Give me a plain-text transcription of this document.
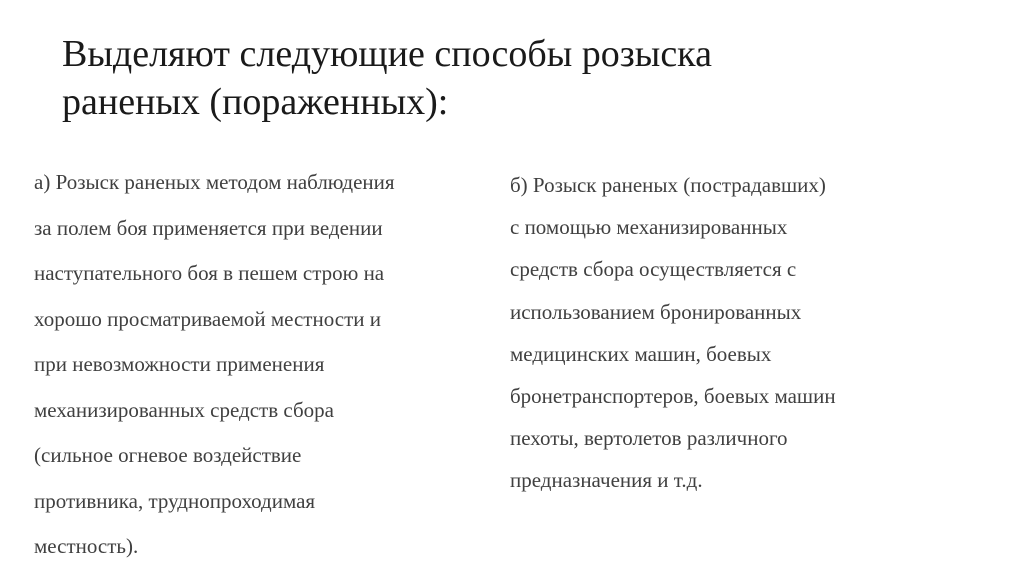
Выделяют следующие способы розыска
раненых (пораженных):
а) Розыск раненых методом наблюдения
за полем боя применяется при ведении
наступательного боя в пешем строю на
хорошо просматриваемой местности и
при невозможности применения
механизированных средств сбора
(сильное огневое воздействие
противника, труднопроходимая
местность).
б) Розыск раненых (пострадавших)
с помощью механизированных
средств сбора осуществляется с
использованием бронированных
медицинских машин, боевых
бронетранспортеров, боевых машин
пехоты, вертолетов различного
предназначения и т.д.
